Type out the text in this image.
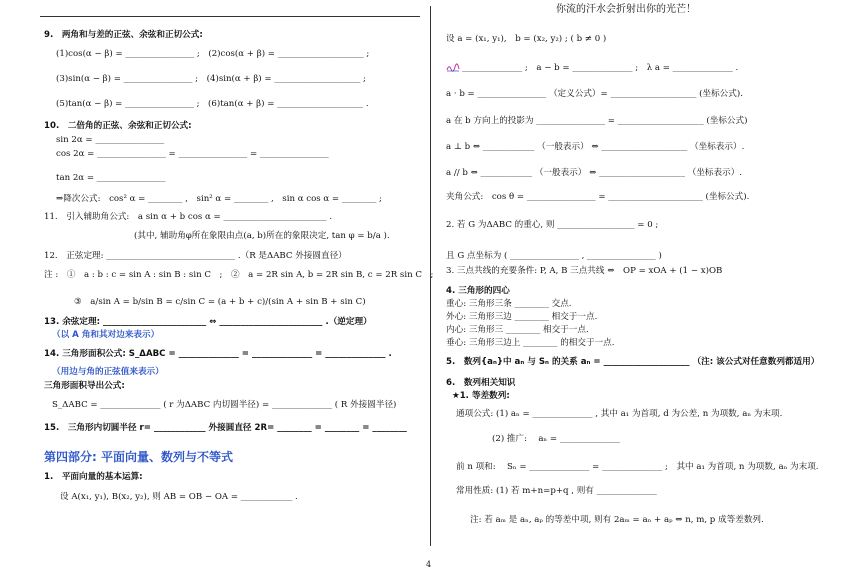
你流的汗水会折射出你的光芒！
9.　两角和与差的正弦、余弦和正切公式:
(1)cos(α − β) = ________________ ;　(2)cos(α + β) = ____________________ ;
(3)sin(α − β) = ________________ ;　(4)sin(α + β) = ____________________ ;
(5)tan(α − β) = ________________ ;　(6)tan(α + β) = ____________________ .
10.　二倍角的正弦、余弦和正切公式:
sin 2α = ________________
cos 2α = ________________ = ________________ = ________________
tan 2α = ________________
⇒降次公式:　cos² α = ________ ,　sin² α = ________ ,　sin α cos α = ________ ;
11.　引入辅助角公式:　a sin α + b cos α = ________________________ .
(其中, 辅助角φ所在象限由点(a, b)所在的象限决定, tan φ = b/a ).
12.　正弦定理: ______________________________ .（R 是ΔABC 外接圆直径）
注 :　①　a : b : c = sin A : sin B : sin C　;　②　a = 2R sin A, b = 2R sin B, c = 2R sin C　;
③　a/sin A = b/sin B = c/sin C = (a + b + c)/(sin A + sin B + sin C)
13. 余弦定理: ________________________ ⇔ ________________________ .（逆定理）
（以 A 角和其对边来表示）
14. 三角形面积公式: S_ΔABC = ______________ = ______________ = ______________ .
（用边与角的正弦值来表示）
三角形面积导出公式:
S_ΔABC = ______________ ( r 为ΔABC 内切圆半径) = ______________ ( R 外接圆半径)
15.　三角形内切圆半径 r= ____________ 外接圆直径 2R= ________ = ________ = ________
第四部分: 平面向量、数列与不等式
1.　平面向量的基本运算:
设 A(x₁, y₁), B(x₂, y₂), 则 AB = OB − OA = ____________ .
设 a = (x₁, y₁),　b = (x₂, y₂) ; ( b ≠ 0 )
______________ ;　a − b = ______________ ;　λ a = ______________ .
a · b = ________________ （定义公式）= ____________________ (坐标公式).
a 在 b 方向上的投影为 ________________ = ____________________ (坐标公式)
a ⊥ b ⇔ ____________ （一般表示） ⇔ ____________________ （坐标表示）.
a // b ⇔ ____________ （一般表示） ⇔ ____________________ （坐标表示）.
夹角公式:　cos θ = ________________ = ______________________ (坐标公式).
2. 若 G 为ΔABC 的重心, 则 __________________ = 0 ;
且 G 点坐标为 ( ________________ , ________________ )
3. 三点共线的充要条件: P, A, B 三点共线 ⇔　OP = xOA + (1 − x)OB
4. 三角形的四心
重心: 三角形三条 ________ 交点.
外心: 三角形三边 ________ 相交于一点.
内心: 三角形三 ________ 相交于一点.
垂心: 三角形三边上 ________ 的相交于一点.
5.　数列{aₙ}中 aₙ 与 Sₙ 的关系 aₙ = ____________________ （注: 该公式对任意数列都适用）
6.　数列相关知识
★1. 等差数列:
通项公式: (1) aₙ = ______________ , 其中 a₁ 为首项, d 为公差, n 为项数, aₙ 为末项.
(2) 推广: 　aₙ = ______________
前 n 项和: 　Sₙ = ______________ = ______________ ;　其中 a₁ 为首项, n 为项数, aₙ 为末项.
常用性质: (1) 若 m+n=p+q , 则有 ______________
注: 若 aₘ 是 aₙ, aₚ 的等差中项, 则有 2aₘ = aₙ + aₚ ⇔ n, m, p 成等差数列.
4
